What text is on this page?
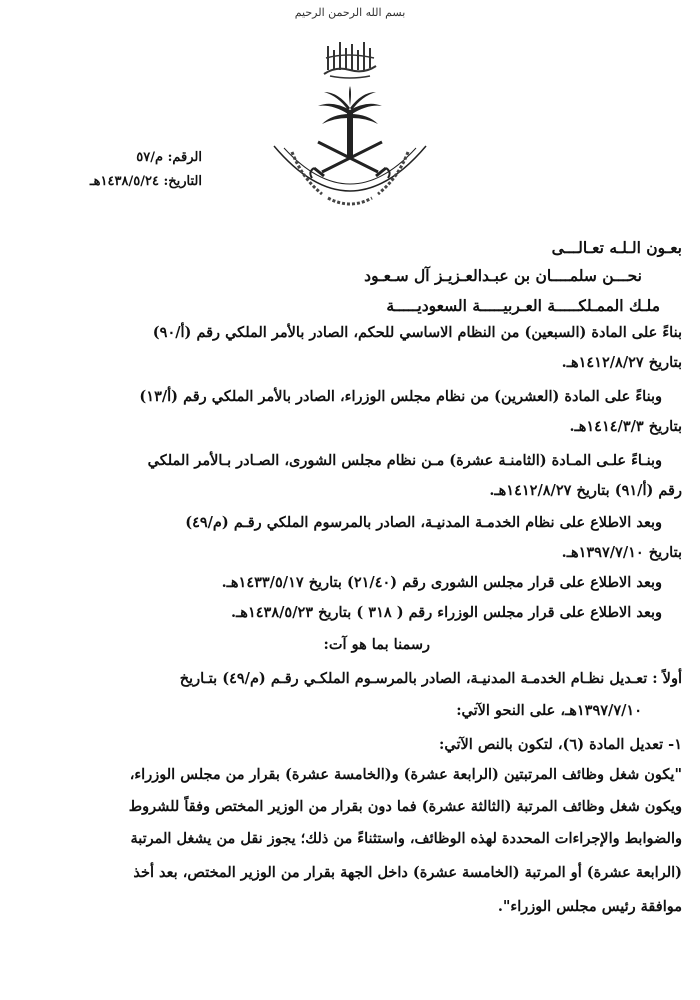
بسم الله الرحمن الرحيم
الرقم: م/٥٧
التاريخ: ١٤٣٨/٥/٢٤هـ
بعـون الـلـه تعـالـــى
نحـــن سلمــــان بن عبـدالعـزيـز آل سـعـود
ملـك الممـلكـــــة العـربيـــــة السعوديـــــة
بناءً على المادة (السبعين) من النظام الاساسي للحكم، الصادر بالأمر الملكي رقم (أ/٩٠)
بتاريخ ١٤١٢/٨/٢٧هـ.
وبناءً على المادة (العشرين) من نظام مجلس الوزراء، الصادر بالأمر الملكي رقم (أ/١٣)
بتاريخ ١٤١٤/٣/٣هـ.
وبنـاءً علـى المـادة (الثامنـة عشرة) مـن نظام مجلس الشورى، الصـادر بـالأمر الملكي
رقم (أ/٩١) بتاريخ ١٤١٢/٨/٢٧هـ.
وبعد الاطلاع على نظام الخدمـة المدنيـة، الصادر بالمرسوم الملكي رقـم (م/٤٩)
بتاريخ ١٣٩٧/٧/١٠هـ.
وبعد الاطلاع على قرار مجلس الشورى رقم (٢١/٤٠) بتاريخ ١٤٣٣/٥/١٧هـ.
وبعد الاطلاع على قرار مجلس الوزراء رقم ( ٣١٨ ) بتاريخ ١٤٣٨/٥/٢٣هـ.
رسمنا بما هو آت:
أولاً : تعـديل نظـام الخدمـة المدنيـة، الصادر بالمرسـوم الملكـي رقـم (م/٤٩) بتـاريخ
١٣٩٧/٧/١٠هـ، على النحو الآتي:
١- تعديل المادة (٦)، لتكون بالنص الآتي:
"يكون شغل وظائف المرتبتين (الرابعة عشرة) و(الخامسة عشرة) بقرار من مجلس الوزراء،
ويكون شغل وظائف المرتبة (الثالثة عشرة) فما دون بقرار من الوزير المختص وفقاً للشروط
والضوابط والإجراءات المحددة لهذه الوظائف، واستثناءً من ذلك؛ يجوز نقل من يشغل المرتبة
(الرابعة عشرة) أو المرتبة (الخامسة عشرة) داخل الجهة بقرار من الوزير المختص، بعد أخذ
موافقة رئيس مجلس الوزراء".
